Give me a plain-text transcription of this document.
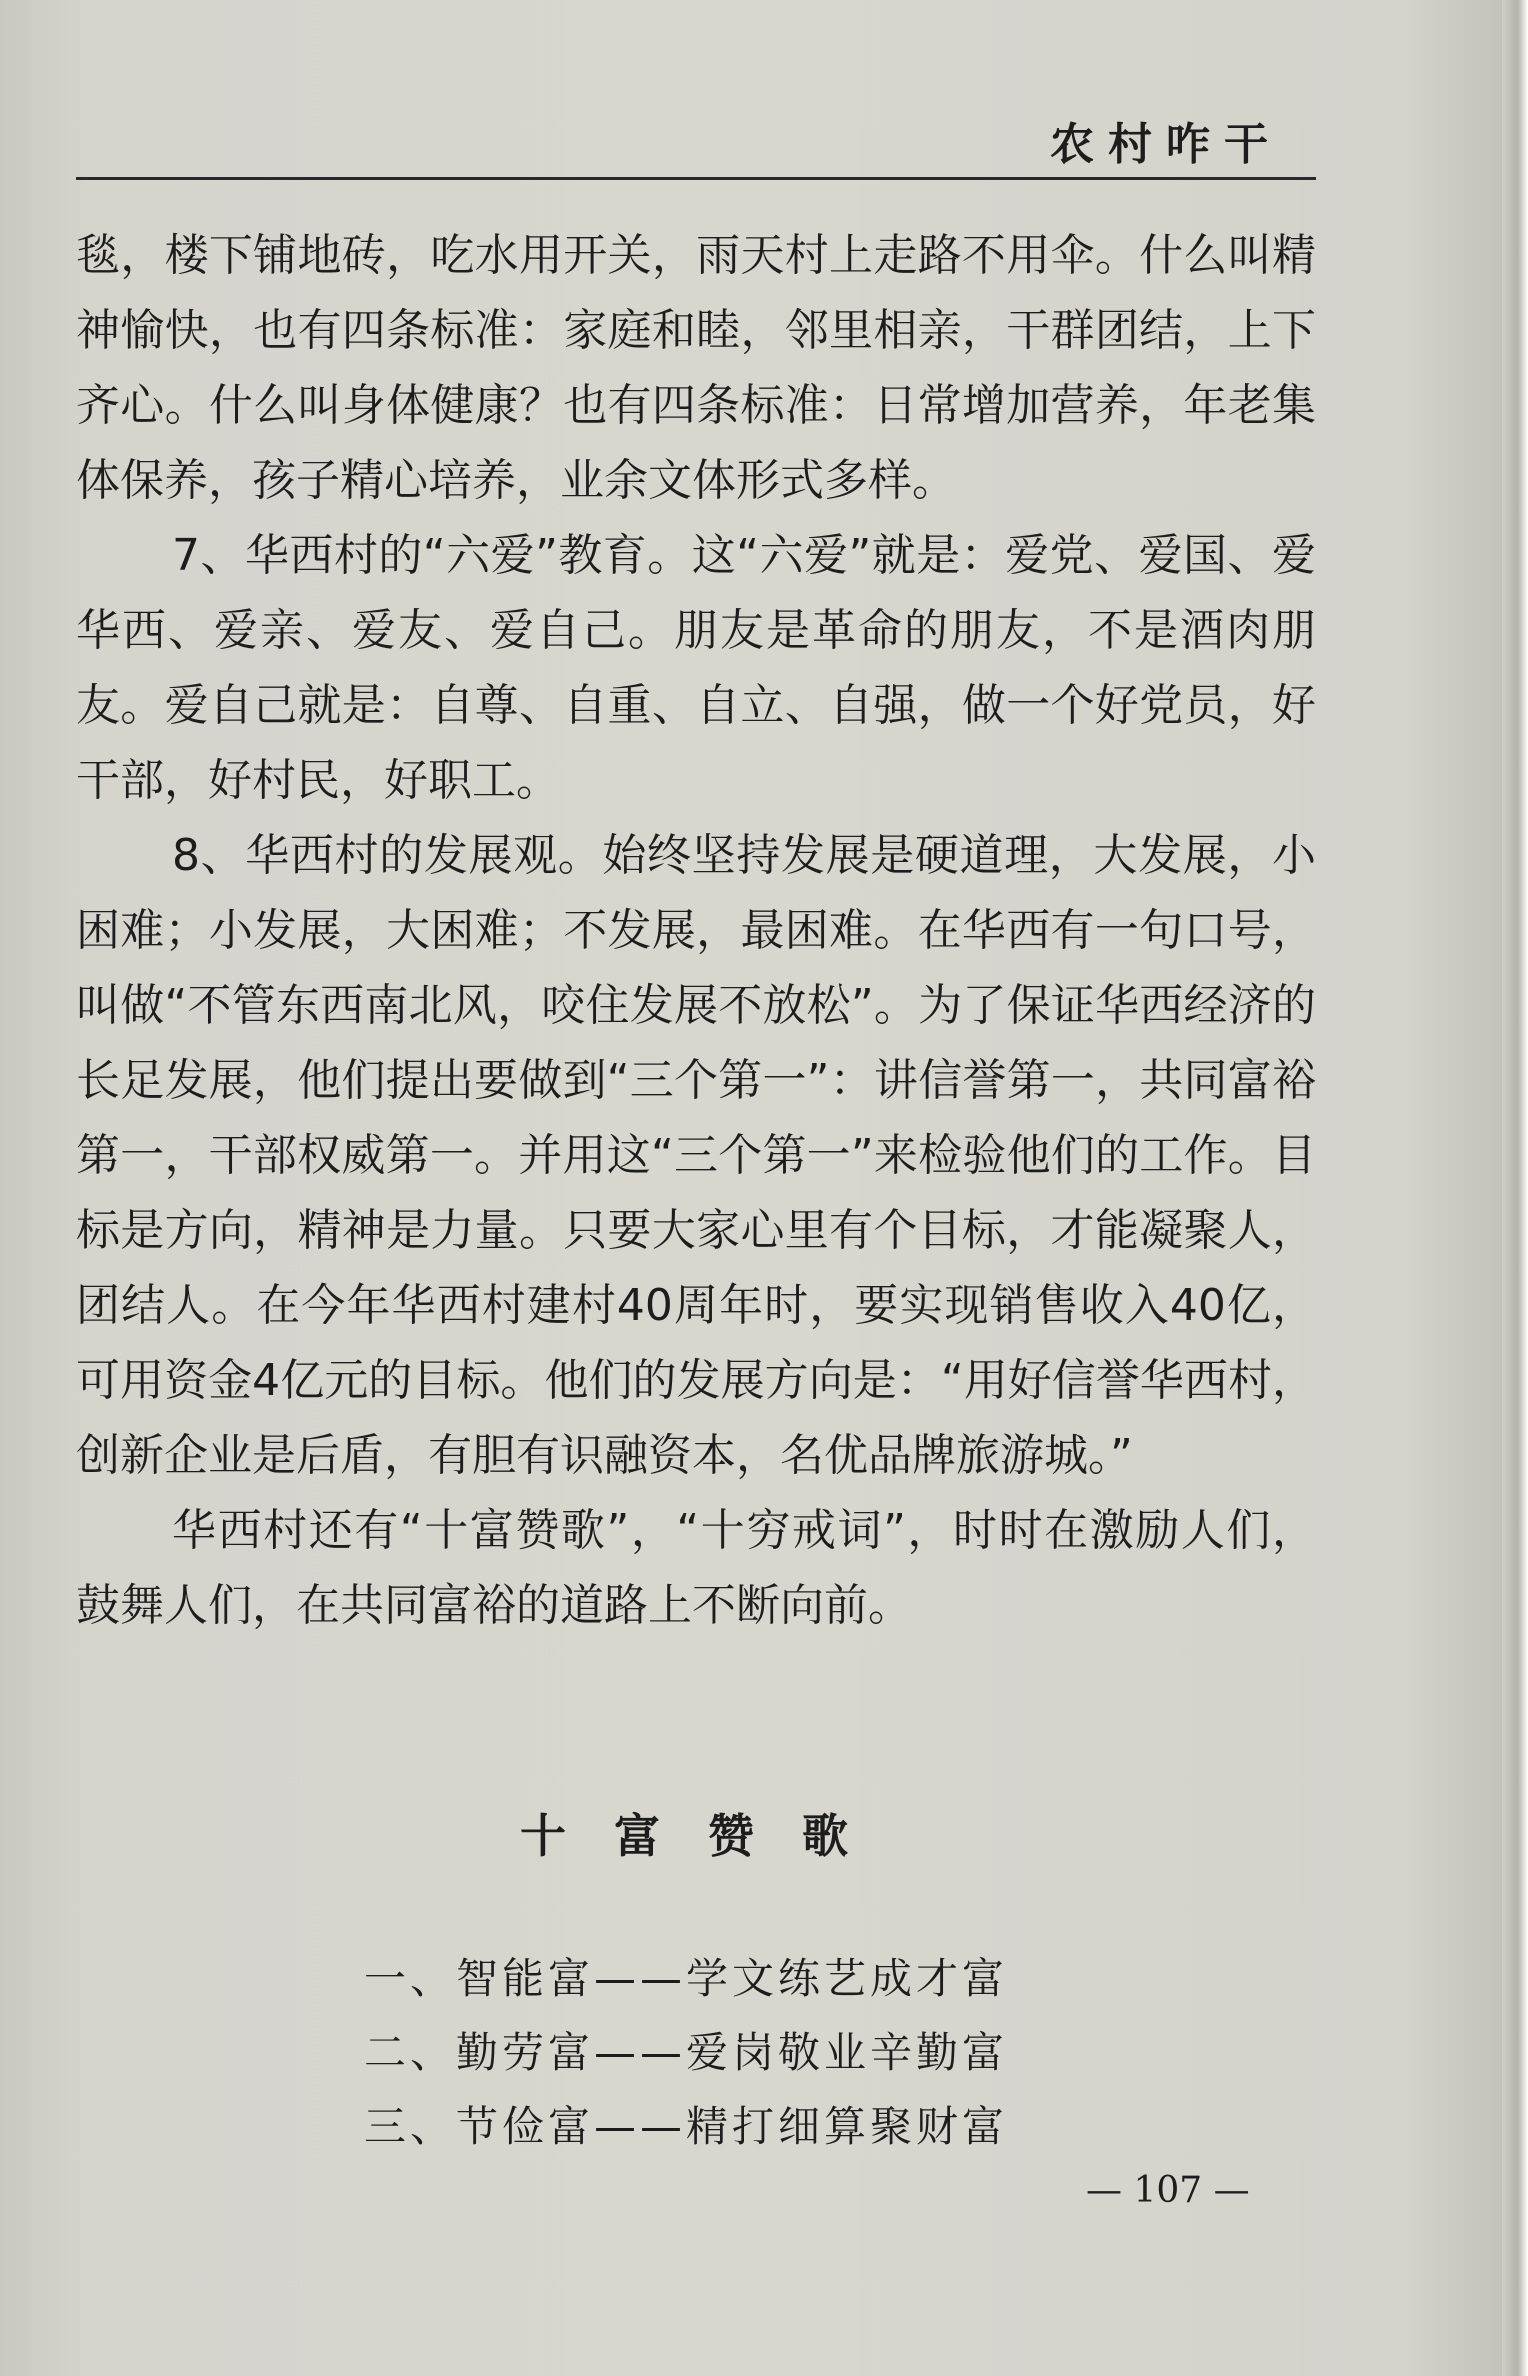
农村咋干

毯，楼下铺地砖，吃水用开关，雨天村上走路不用伞。什么叫精神愉快，也有四条标准：家庭和睦，邻里相亲，干群团结，上下齐心。什么叫身体健康？也有四条标准：日常增加营养，年老集体保养，孩子精心培养，业余文体形式多样。

7、华西村的“六爱”教育。这“六爱”就是：爱党、爱国、爱华西、爱亲、爱友、爱自己。朋友是革命的朋友，不是酒肉朋友。爱自己就是：自尊、自重、自立、自强，做一个好党员，好干部，好村民，好职工。

8、华西村的发展观。始终坚持发展是硬道理，大发展，小困难；小发展，大困难；不发展，最困难。在华西有一句口号，叫做“不管东西南北风，咬住发展不放松”。为了保证华西经济的长足发展，他们提出要做到“三个第一”：讲信誉第一，共同富裕第一，干部权威第一。并用这“三个第一”来检验他们的工作。目标是方向，精神是力量。只要大家心里有个目标，才能凝聚人，团结人。在今年华西村建村40周年时，要实现销售收入40亿，可用资金4亿元的目标。他们的发展方向是：“用好信誉华西村，创新企业是后盾，有胆有识融资本，名优品牌旅游城。”

华西村还有“十富赞歌”，“十穷戒词”，时时在激励人们，鼓舞人们，在共同富裕的道路上不断向前。

十富赞歌
一、智能富——学文练艺成才富
二、勤劳富——爱岗敬业辛勤富
三、节俭富——精打细算聚财富
— 107 —
